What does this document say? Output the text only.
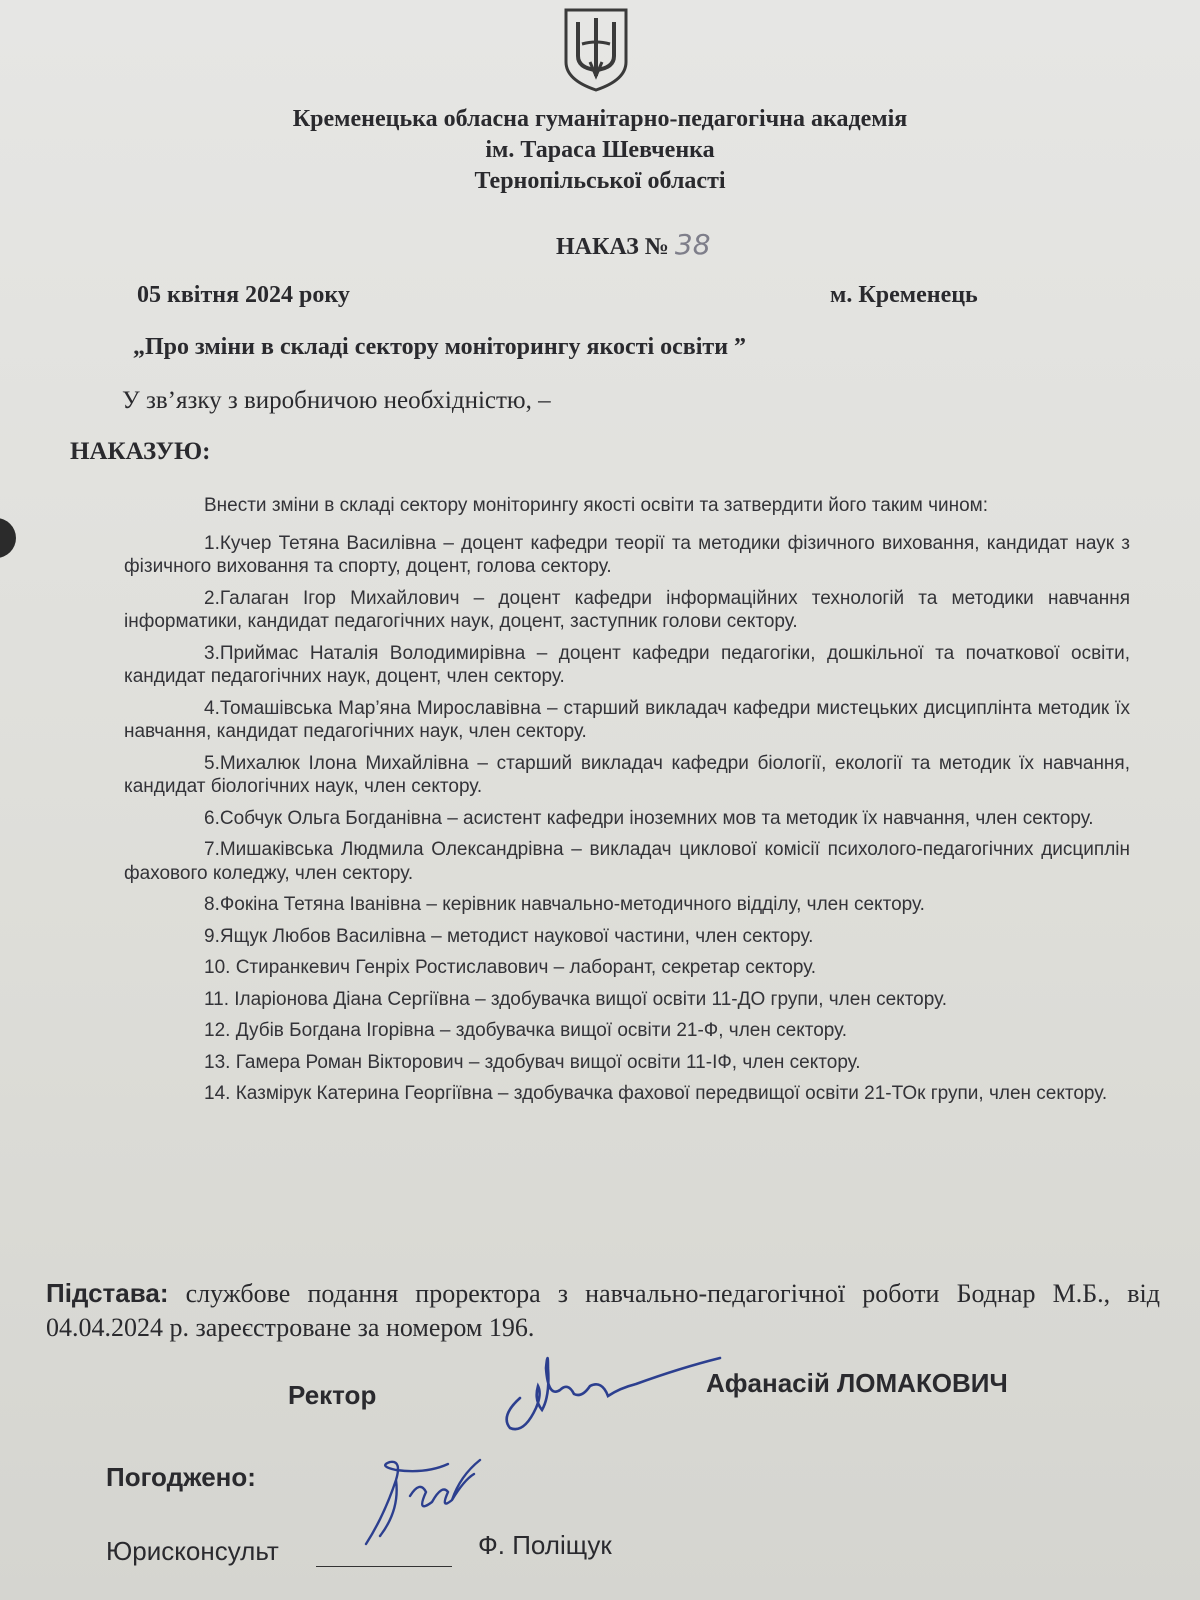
Кременецька обласна гуманітарно-педагогічна академія
ім. Тараса Шевченка
Тернопільської області
НАКАЗ № 38
05 квітня 2024 року	м. Кременець
„Про зміни в складі сектору моніторингу якості освіти ”
У зв’язку з виробничою необхідністю, –
НАКАЗУЮ:

Внести зміни в складі сектору моніторингу якості освіти та затвердити його таким чином:

1.Кучер Тетяна Василівна – доцент кафедри теорії та методики фізичного виховання, кандидат наук з фізичного виховання та спорту, доцент, голова сектору.

2.Галаган Ігор Михайлович – доцент кафедри інформаційних технологій та методики навчання інформатики, кандидат педагогічних наук, доцент, заступник голови сектору.

3.Приймас Наталія Володимирівна – доцент кафедри педагогіки, дошкільної та початкової освіти, кандидат педагогічних наук, доцент, член сектору.

4.Томашівська Мар’яна Мирославівна – старший викладач кафедри мистецьких дисциплінта методик їх навчання, кандидат педагогічних наук, член сектору.

5.Михалюк Ілона Михайлівна – старший викладач кафедри біології, екології та методик їх навчання, кандидат біологічних наук, член сектору.

6.Собчук Ольга Богданівна – асистент кафедри іноземних мов та методик їх навчання, член сектору.

7.Мишаківська Людмила Олександрівна – викладач циклової комісії психолого-педагогічних дисциплін фахового коледжу, член сектору.

8.Фокіна Тетяна Іванівна – керівник навчально-методичного відділу, член сектору.

9.Ящук Любов Василівна – методист наукової частини, член сектору.

10. Стиранкевич Генріх Ростиславович – лаборант, секретар сектору.

11. Іларіонова Діана Сергіївна – здобувачка вищої освіти 11-ДО групи, член сектору.

12. Дубів Богдана Ігорівна – здобувачка вищої освіти 21-Ф, член сектору.

13. Гамера Роман Вікторович – здобувач вищої освіти 11-ІФ, член сектору.

14. Казмірук Катерина Георгіївна – здобувачка фахової передвищої освіти 21-ТОк групи, член сектору.

Підстава: службове подання проректора з навчально-педагогічної роботи Боднар М.Б., від 04.04.2024 р. зареєстроване за номером 196.
Ректор	Афанасій ЛОМАКОВИЧ
Погоджено:
Юрисконсульт	Ф. Поліщук
